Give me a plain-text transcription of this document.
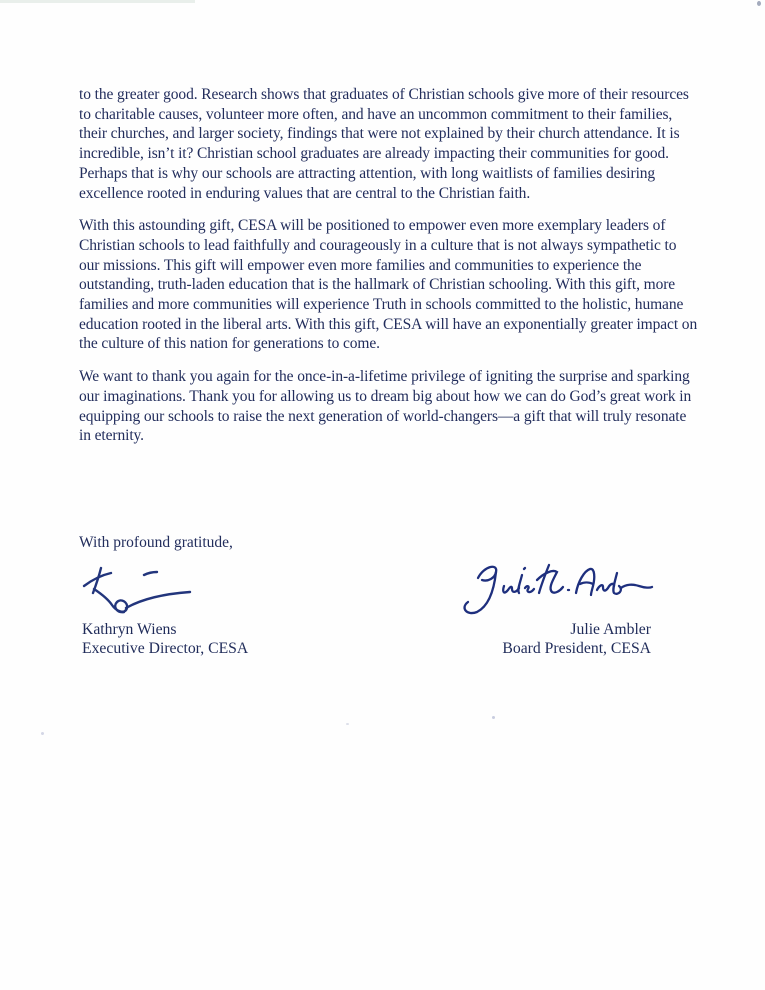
to the greater good. Research shows that graduates of Christian schools give more of their resources to charitable causes, volunteer more often, and have an uncommon commitment to their families, their churches, and larger society, findings that were not explained by their church attendance. It is incredible, isn’t it? Christian school graduates are already impacting their communities for good. Perhaps that is why our schools are attracting attention, with long waitlists of families desiring excellence rooted in enduring values that are central to the Christian faith.

With this astounding gift, CESA will be positioned to empower even more exemplary leaders of Christian schools to lead faithfully and courageously in a culture that is not always sympathetic to our missions. This gift will empower even more families and communities to experience the outstanding, truth-laden education that is the hallmark of Christian schooling. With this gift, more families and more communities will experience Truth in schools committed to the holistic, humane education rooted in the liberal arts. With this gift, CESA will have an exponentially greater impact on the culture of this nation for generations to come.

We want to thank you again for the once-in-a-lifetime privilege of igniting the surprise and sparking our imaginations. Thank you for allowing us to dream big about how we can do God’s great work in equipping our schools to raise the next generation of world-changers—a gift that will truly resonate in eternity.

With profound gratitude,
Kathryn Wiens
Executive Director, CESA
Julie Ambler
Board President, CESA
